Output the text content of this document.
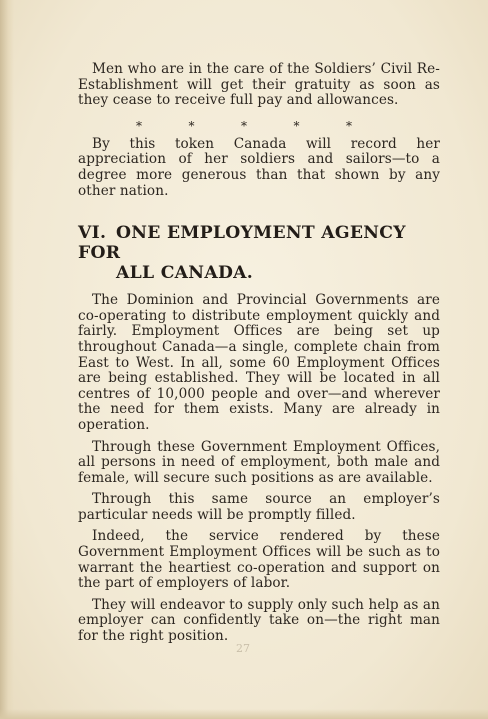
Men who are in the care of the Soldiers’ Civil Re-Establishment will get their gratuity as soon as they cease to receive full pay and allowances.

*	*	*	*	*

By this token Canada will record her appreciation of her soldiers and sailors—to a degree more generous than that shown by any other nation.

VI. ONE EMPLOYMENT AGENCY FOR
ALL CANADA.

The Dominion and Provincial Governments are co-operating to distribute employment quickly and fairly. Employment Offices are being set up throughout Canada—a single, complete chain from East to West. In all, some 60 Employment Offices are being established. They will be located in all centres of 10,000 people and over—and wherever the need for them exists. Many are already in operation.

Through these Government Employment Offices, all persons in need of employment, both male and female, will secure such positions as are available.

Through this same source an employer’s particular needs will be promptly filled.

Indeed, the service rendered by these Government Employment Offices will be such as to warrant the heartiest co-operation and support on the part of employers of labor.

They will endeavor to supply only such help as an employer can confidently take on—the right man for the right position.

27
